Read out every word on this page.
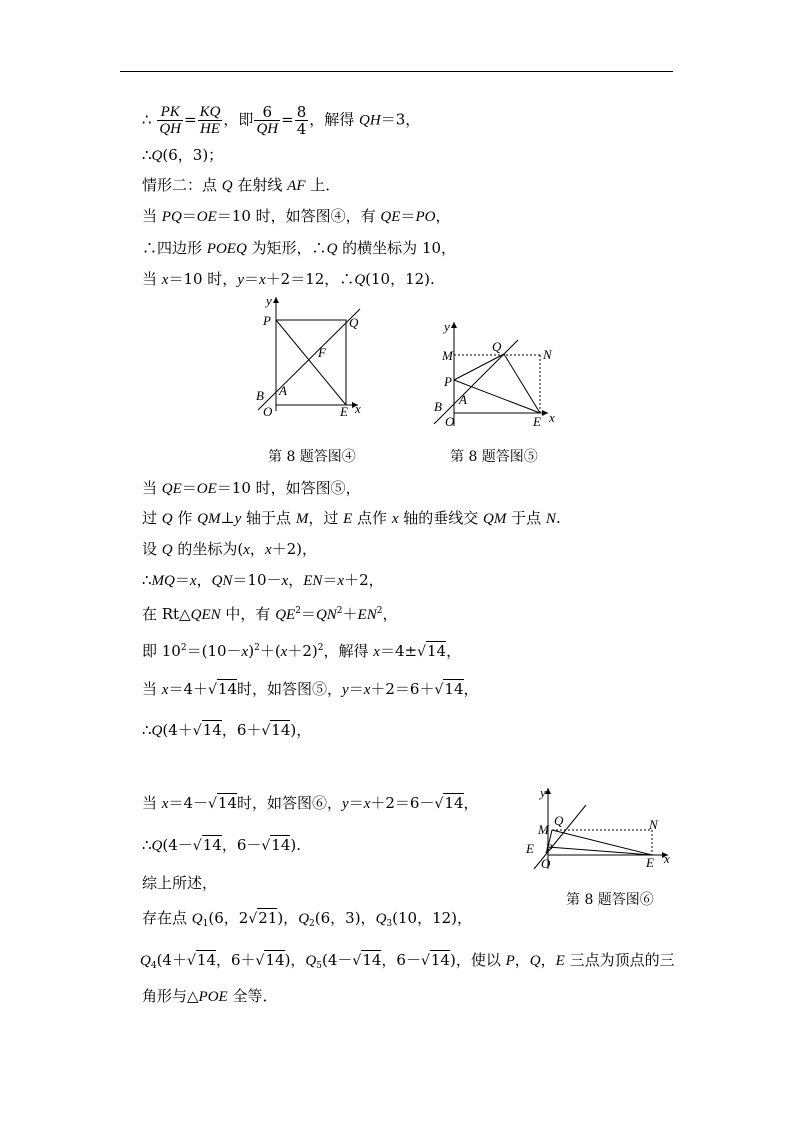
∴ $\frac{PK}{QH} = \frac{KQ}{HE}$ ，即 $\frac{6}{QH} = \frac{8}{4}$ ，解得 QH＝3，
∴Q(6，3)；
情形二：点 Q 在射线 AF 上．
当 PQ＝OE＝10 时，如答图④，有 QE＝PO，
∴四边形 POEQ 为矩形，∴Q 的横坐标为 10，
当 x＝10 时，y＝x＋2＝12，∴Q(10，12).
y
P	Q
F
B A
O	E x
第 8 题答图④
y
M
Q
N
P
B A
O	E x
第 8 题答图⑤
当 QE＝OE＝10 时，如答图⑤，
过 Q 作 QM⊥y 轴于点 M，过 E 点作 x 轴的垂线交 QM 于点 N.
设 Q 的坐标为(x，x＋2)，
∴MQ＝x，QN＝10－x，EN＝x＋2，
在 Rt△QEN 中，有 $QE^2=QN^2+EN^2$，
即 $10^2=(10-x)^2+(x+2)^2$，解得 x＝4±√14，
当 x＝4＋√14时，如答图⑤，y＝x＋2＝6＋√14，
∴Q(4＋√14，6＋√14)，
当 x＝4－√14时，如答图⑥，y＝x＋2＝6－√14，
∴Q(4－√14，6－√14).
综上所述，
y
M
Q	N
E P
O	E x
第 8 题答图⑥
存在点 $Q_1(6$，2√21)，$Q_2(6$，3)，$Q_3(10$，12)，
$Q_4(4+√14$，6＋√14)，$Q_5(4-√14$，6－√14)，使以 P，Q，E 三点为顶点的三
角形与△POE 全等．
